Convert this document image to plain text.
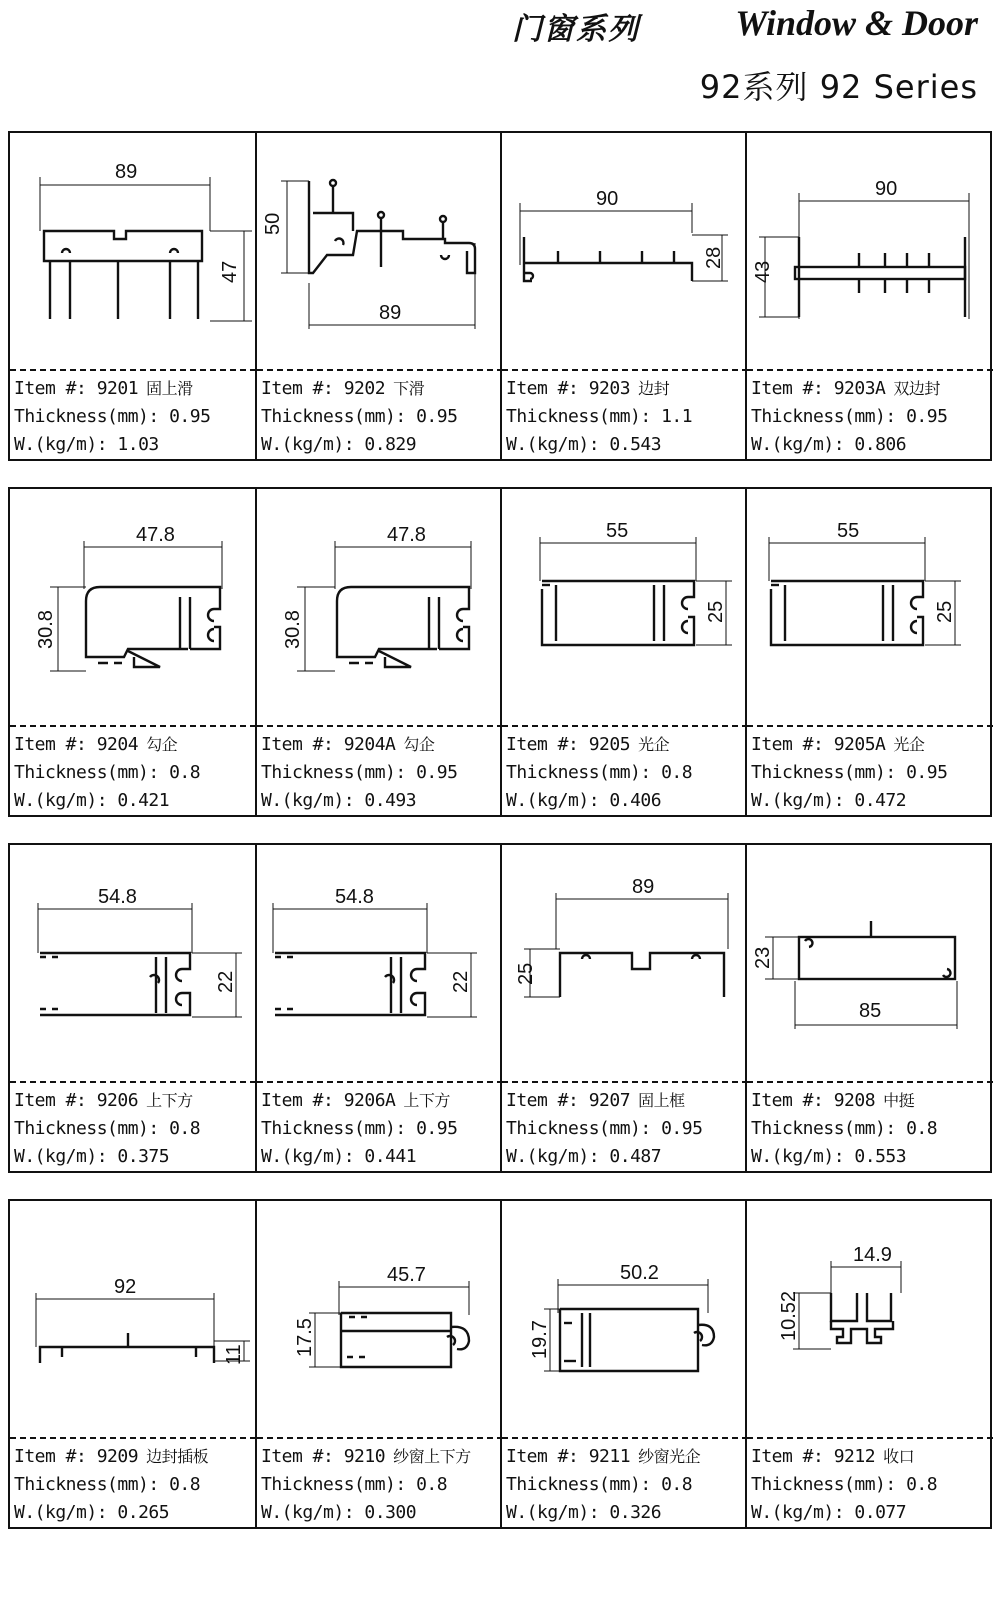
门窗系列	Window & Door
92系列 92 Series
89
47
Item #: 9201 固上滑
Thickness(mm): 0.95
W.(kg/m): 1.03
50
89
Item #: 9202 下滑
Thickness(mm): 0.95
W.(kg/m): 0.829
90
28
Item #: 9203 边封
Thickness(mm): 1.1
W.(kg/m): 0.543
90
43
Item #: 9203A 双边封
Thickness(mm): 0.95
W.(kg/m): 0.806
47.8
30.8
Item #: 9204 勾企
Thickness(mm): 0.8
W.(kg/m): 0.421
47.8
30.8
Item #: 9204A 勾企
Thickness(mm): 0.95
W.(kg/m): 0.493
55
25
Item #: 9205 光企
Thickness(mm): 0.8
W.(kg/m): 0.406
55
25
Item #: 9205A 光企
Thickness(mm): 0.95
W.(kg/m): 0.472
54.8
22
Item #: 9206 上下方
Thickness(mm): 0.8
W.(kg/m): 0.375
54.8
22
Item #: 9206A 上下方
Thickness(mm): 0.95
W.(kg/m): 0.441
89
25
Item #: 9207 固上框
Thickness(mm): 0.95
W.(kg/m): 0.487
23
85
Item #: 9208 中挺
Thickness(mm): 0.8
W.(kg/m): 0.553
92
11
Item #: 9209 边封插板
Thickness(mm): 0.8
W.(kg/m): 0.265
45.7
17.5
Item #: 9210 纱窗上下方
Thickness(mm): 0.8
W.(kg/m): 0.300
50.2
19.7
Item #: 9211 纱窗光企
Thickness(mm): 0.8
W.(kg/m): 0.326
14.9
10.52
Item #: 9212 收口
Thickness(mm): 0.8
W.(kg/m): 0.077
